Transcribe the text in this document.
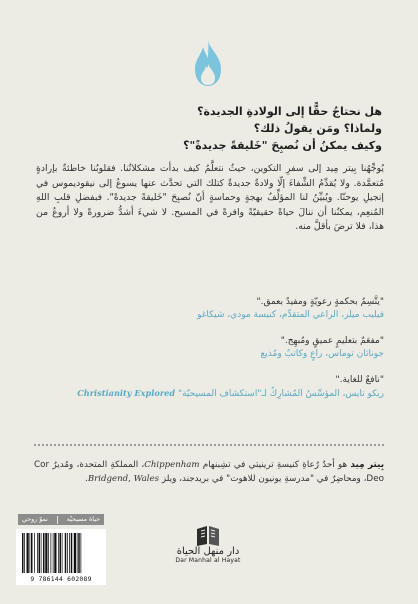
هل نحتاجُ حقًّا إلى الولادةِ الجديدة؟
ولماذا؟ ومَن يقولُ ذلك؟
وكيف يمكنُ أن نُصبِحَ "خَليقةً جديدةً"؟

يُوجِّهُنا بِيتر مِيد إلى سفرِ التكوين، حيثُ نتعلَّمُ كيف بدأت مشكلاتُنا. فقلوبُنا خاطئةٌ بإرادةٍ مُتعمَّدة. ولا يُقدِّمُ الشِّفاءَ إلّا ولادةٌ جديدةٌ كتلك التي تحدَّث عنها يسوعُ إلى نيقوديموس في إنجيلِ يوحنّا. ويُبيِّنُ لنا المؤلِّفُ بهجةٍ وحماسةٍ أنّ نُصبِحَ "خَليقةً جديدةً". فبفضلِ قلبِ اللهِ المُنعِم، يمكنُنا أن ننالَ حياةً حقيقيّةً وافرةً في المسيح. لا شيءَ أشدُّ ضرورةً ولا أروعُ من هذا، فلا ترضَ بأقلَّ منه.

"يتَّسِمُ بحكمةٍ رعويّةٍ ومفيدٌ بعمق."
فيليب ميلر، الراعي المتقدِّم، كنيسة مودي، شيكاغو
"مفعَمٌ بتعليمٍ عميقٍ ومُبهِج."
جوناثان توماس، راعٍ وكاتبٌ ومُذيع
"نافعٌ للغاية."
ريكو تايس، المؤسِّسُ المُشارِكُ لـ"استكشاف المسيحيّة" Christianity Explored
بِيتر مِيد هو أحدُ رُعاةِ كنيسةِ ترينيتي في تشِبنهام Chippenham، المملكةِ المتحدة، ومُديرُ Cor Deo، ومحاضِرٌ في "مدرسةِ يونيون للاهوت" في بريدجند، ويلز Bridgend, Wales.
حياة مسيحيّة
نموّ روحي
9 786144 602089
دار منهل الحياة
Dar Manhal al Hayat
